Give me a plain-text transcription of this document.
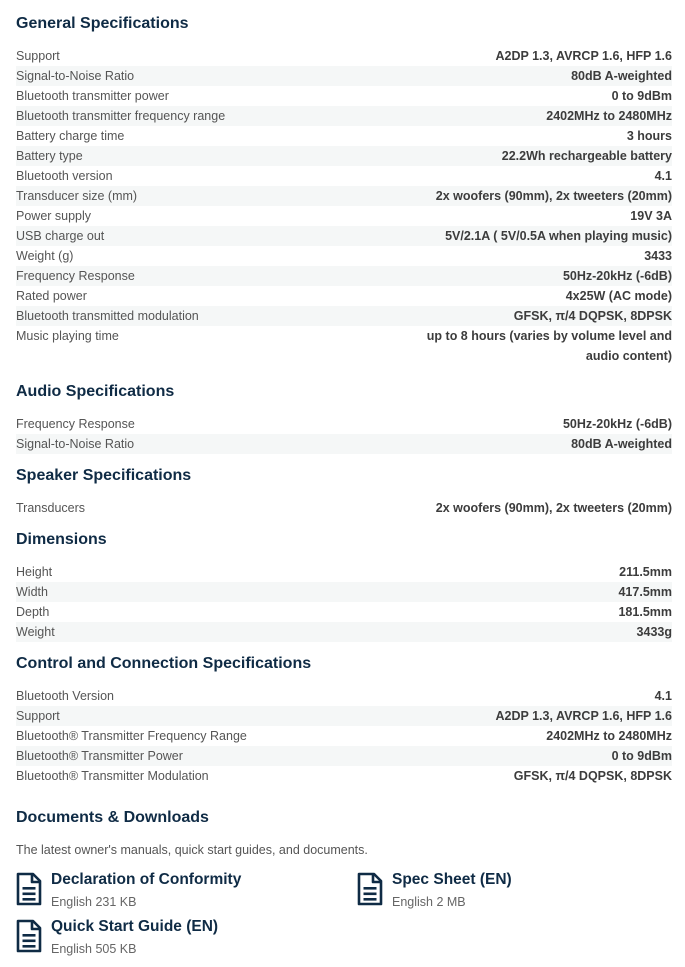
General Specifications
Support	A2DP 1.3, AVRCP 1.6, HFP 1.6
Signal-to-Noise Ratio	80dB A-weighted
Bluetooth transmitter power	0 to 9dBm
Bluetooth transmitter frequency range	2402MHz to 2480MHz
Battery charge time	3 hours
Battery type	22.2Wh rechargeable battery
Bluetooth version	4.1
Transducer size (mm)	2x woofers (90mm), 2x tweeters (20mm)
Power supply	19V 3A
USB charge out	5V/2.1A ( 5V/0.5A when playing music)
Weight (g)	3433
Frequency Response	50Hz-20kHz (-6dB)
Rated power	4x25W (AC mode)
Bluetooth transmitted modulation	GFSK, π/4 DQPSK, 8DPSK
Music playing time	up to 8 hours (varies by volume level and audio content)
Audio Specifications
Frequency Response	50Hz-20kHz (-6dB)
Signal-to-Noise Ratio	80dB A-weighted
Speaker Specifications
Transducers	2x woofers (90mm), 2x tweeters (20mm)
Dimensions
Height	211.5mm
Width	417.5mm
Depth	181.5mm
Weight	3433g
Control and Connection Specifications
Bluetooth Version	4.1
Support	A2DP 1.3, AVRCP 1.6, HFP 1.6
Bluetooth® Transmitter Frequency Range	2402MHz to 2480MHz
Bluetooth® Transmitter Power	0 to 9dBm
Bluetooth® Transmitter Modulation	GFSK, π/4 DQPSK, 8DPSK
Documents & Downloads

The latest owner's manuals, quick start guides, and documents.

Declaration of Conformity
English 231 KB
Spec Sheet (EN)
English 2 MB
Quick Start Guide (EN)
English 505 KB
